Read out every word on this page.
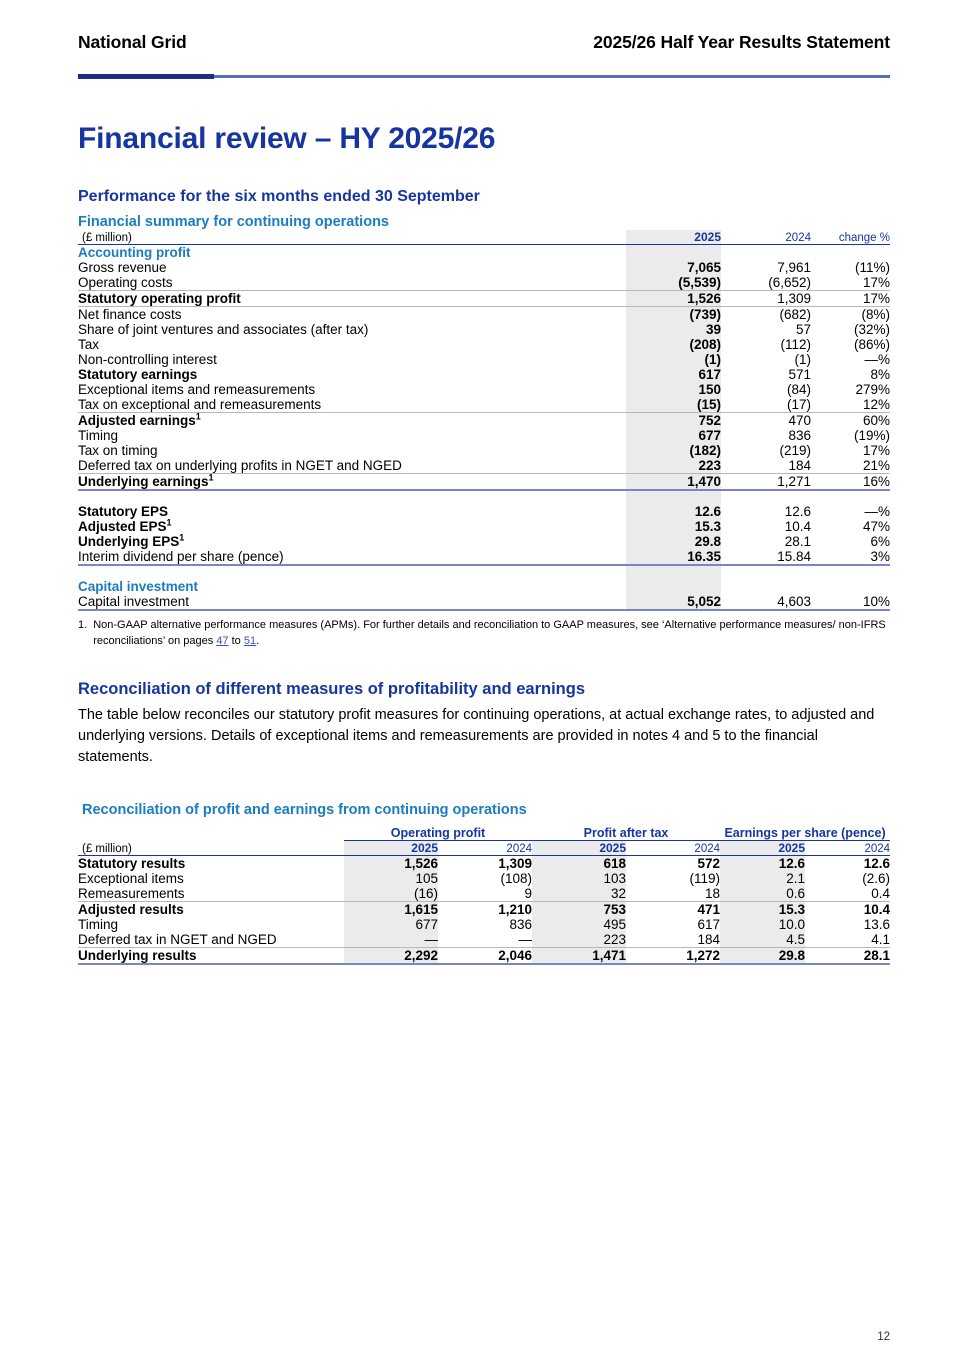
National Grid	2025/26 Half Year Results Statement
Financial review – HY 2025/26
Performance for the six months ended 30 September
Financial summary for continuing operations
(£ million)	2025	2024	change %
Accounting profit			
Gross revenue	7,065	7,961	(11%)
Operating costs	(5,539)	(6,652)	17%
Statutory operating profit	1,526	1,309	17%
Net finance costs	(739)	(682)	(8%)
Share of joint ventures and associates (after tax)	39	57	(32%)
Tax	(208)	(112)	(86%)
Non-controlling interest	(1)	(1)	—%
Statutory earnings	617	571	8%
Exceptional items and remeasurements	150	(84)	279%
Tax on exceptional and remeasurements	(15)	(17)	12%
Adjusted earnings$^1$	752	470	60%
Timing	677	836	(19%)
Tax on timing	(182)	(219)	17%
Deferred tax on underlying profits in NGET and NGED	223	184	21%
Underlying earnings$^1$	1,470	1,271	16%

Statutory EPS	12.6	12.6	—%
Adjusted EPS$^1$	15.3	10.4	47%
Underlying EPS$^1$	29.8	28.1	6%
Interim dividend per share (pence)	16.35	15.84	3%

Capital investment			
Capital investment	5,052	4,603	10%
1. Non-GAAP alternative performance measures (APMs). For further details and reconciliation to GAAP measures, see ‘Alternative performance measures/ non-IFRS reconciliations’ on pages 47 to 51.
Reconciliation of different measures of profitability and earnings

The table below reconciles our statutory profit measures for continuing operations, at actual exchange rates, to adjusted and underlying versions. Details of exceptional items and remeasurements are provided in notes 4 and 5 to the financial statements.

Reconciliation of profit and earnings from continuing operations
	Operating profit		Profit after tax		Earnings per share (pence)	
(£ million)	2025	2024	2025	2024	2025	2024
Statutory results	1,526	1,309	618	572	12.6	12.6
Exceptional items	105	(108)	103	(119)	2.1	(2.6)
Remeasurements	(16)	9	32	18	0.6	0.4
Adjusted results	1,615	1,210	753	471	15.3	10.4
Timing	677	836	495	617	10.0	13.6
Deferred tax in NGET and NGED	—	—	223	184	4.5	4.1
Underlying results	2,292	2,046	1,471	1,272	29.8	28.1
12
